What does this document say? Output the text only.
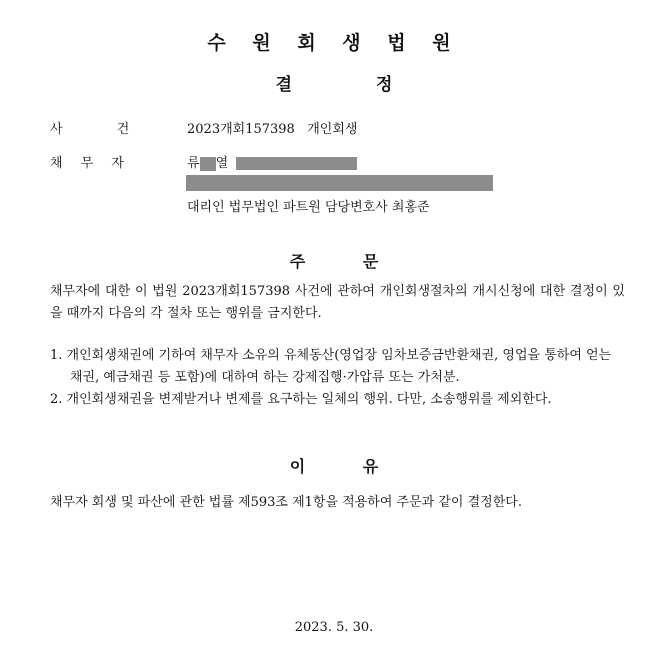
수 원 회 생 법 원
결 정
사 건	2023개회157398 개인회생
채 무 자	류 열
대리인 법무법인 파트원 담당변호사 최홍준
주 문
채무자에 대한 이 법원 2023개회157398 사건에 관하여 개인회생절차의 개시신청에 대한 결정이 있을 때까지 다음의 각 절차 또는 행위를 금지한다.
1. 개인회생채권에 기하여 채무자 소유의 유체동산(영업장 임차보증금반환채권, 영업을 통하여 얻는 채권, 예금채권 등 포함)에 대하여 하는 강제집행·가압류 또는 가처분.
2. 개인회생채권을 변제받거나 변제를 요구하는 일체의 행위. 다만, 소송행위를 제외한다.
이 유
채무자 회생 및 파산에 관한 법률 제593조 제1항을 적용하여 주문과 같이 결정한다.
2023. 5. 30.
